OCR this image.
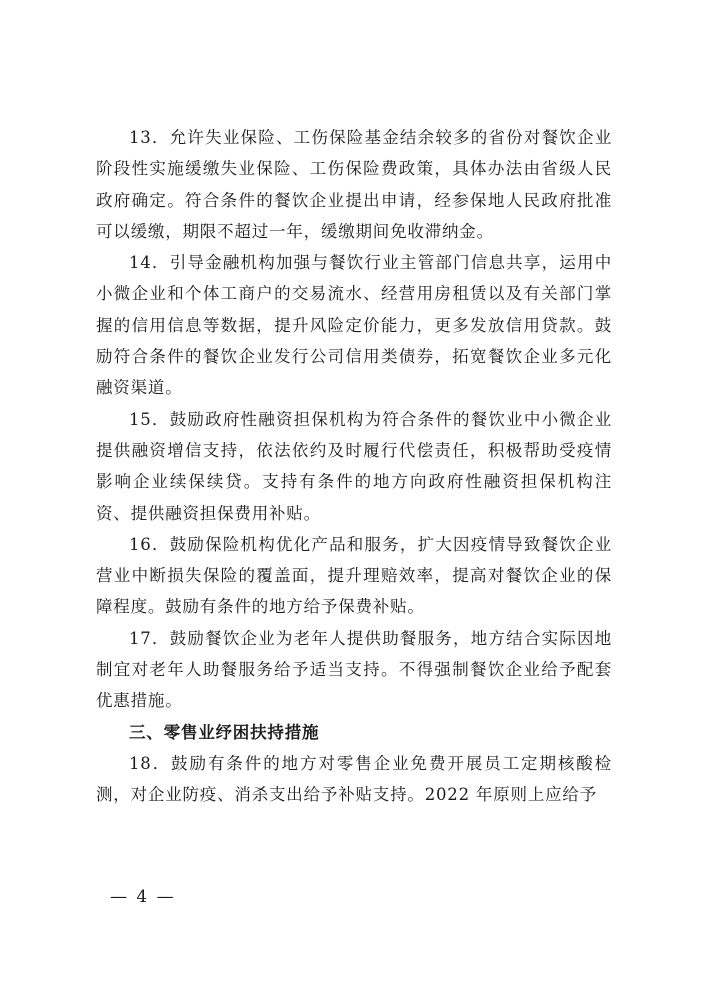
13．允许失业保险、工伤保险基金结余较多的省份对餐饮企业阶段性实施缓缴失业保险、工伤保险费政策，具体办法由省级人民政府确定。符合条件的餐饮企业提出申请，经参保地人民政府批准可以缓缴，期限不超过一年，缓缴期间免收滞纳金。

14．引导金融机构加强与餐饮行业主管部门信息共享，运用中小微企业和个体工商户的交易流水、经营用房租赁以及有关部门掌握的信用信息等数据，提升风险定价能力，更多发放信用贷款。鼓励符合条件的餐饮企业发行公司信用类债券，拓宽餐饮企业多元化融资渠道。

15．鼓励政府性融资担保机构为符合条件的餐饮业中小微企业提供融资增信支持，依法依约及时履行代偿责任，积极帮助受疫情影响企业续保续贷。支持有条件的地方向政府性融资担保机构注资、提供融资担保费用补贴。

16．鼓励保险机构优化产品和服务，扩大因疫情导致餐饮企业营业中断损失保险的覆盖面，提升理赔效率，提高对餐饮企业的保障程度。鼓励有条件的地方给予保费补贴。

17．鼓励餐饮企业为老年人提供助餐服务，地方结合实际因地制宜对老年人助餐服务给予适当支持。不得强制餐饮企业给予配套优惠措施。

三、零售业纾困扶持措施

18．鼓励有条件的地方对零售企业免费开展员工定期核酸检测，对企业防疫、消杀支出给予补贴支持。2022 年原则上应给予

— 4 —
